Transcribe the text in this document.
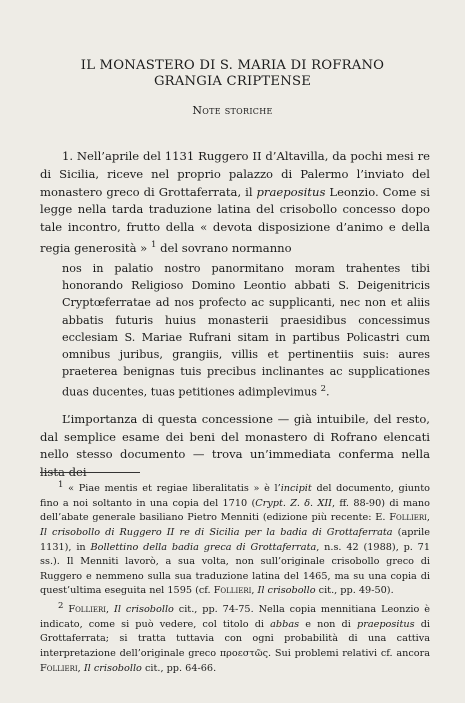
IL MONASTERO DI S. MARIA DI ROFRANO
GRANGIA CRIPTENSE
Note storiche

1. Nell’aprile del 1131 Ruggero II d’Altavilla, da pochi mesi re di Sicilia, riceve nel proprio palazzo di Palermo l’inviato del monastero greco di Grottaferrata, il praepositus Leonzio. Come si legge nella tarda traduzione latina del crisobollo concesso dopo tale incontro, frutto della « devota disposizione d’animo e della regia generosità » $^1$ del sovrano normanno

nos in palatio nostro panormitano moram trahentes tibi honorando Religioso Domino Leontio abbati S. Deigenitricis Cryptœferratae ad nos profecto ac supplicanti, nec non et aliis abbatis futuris huius monasterii praesidibus concessimus ecclesiam S. Mariae Rufrani sitam in partibus Policastri cum omnibus juribus, grangiis, villis et pertinentiis suis: aures praeterea benignas tuis precibus inclinantes ac supplicationes duas ducentes, tuas petitiones adimplevimus $^2$.

L’importanza di questa concessione — già intuibile, del resto, dal semplice esame dei beni del monastero di Rofrano elencati nello stesso documento — trova un’immediata conferma nella lista dei

$^1$ « Piae mentis et regiae liberalitatis » è l’incipit del documento, giunto fino a noi soltanto in una copia del 1710 (Crypt. Z. δ. XII, ff. 88-90) di mano dell’abate generale basiliano Pietro Menniti (edizione più recente: E. Follieri, Il crisobollo di Ruggero II re di Sicilia per la badia di Grottaferrata (aprile 1131), in Bollettino della badia greca di Grottaferrata, n.s. 42 (1988), p. 71 ss.). Il Menniti lavorò, a sua volta, non sull’originale crisobollo greco di Ruggero e nemmeno sulla sua traduzione latina del 1465, ma su una copia di quest’ultima eseguita nel 1595 (cf. Follieri, Il crisobollo cit., pp. 49-50).

$^2$ Follieri, Il crisobollo cit., pp. 74-75. Nella copia mennitiana Leonzio è indicato, come si può vedere, col titolo di abbas e non di praepositus di Grottaferrata; si tratta tuttavia con ogni probabilità di una cattiva interpretazione dell’originale greco προεστῶς. Sui problemi relativi cf. ancora Follieri, Il crisobollo cit., pp. 64-66.
